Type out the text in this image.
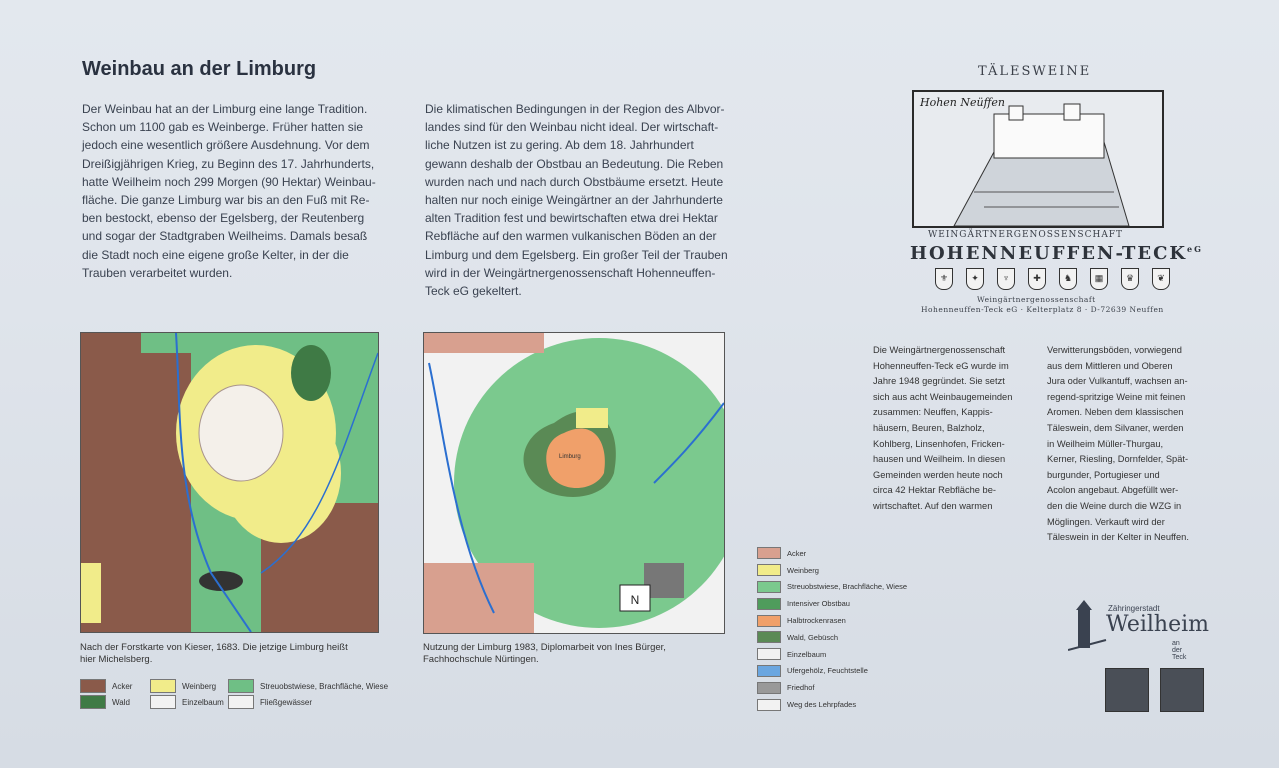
Weinbau an der Limburg
Der Weinbau hat an der Limburg eine lange Tradition.
Schon um 1100 gab es Weinberge. Früher hatten sie
jedoch eine wesentlich größere Ausdehnung. Vor dem
Dreißigjährigen Krieg, zu Beginn des 17. Jahrhunderts,
hatte Weilheim noch 299 Morgen (90 Hektar) Weinbau-
fläche. Die ganze Limburg war bis an den Fuß mit Re-
ben bestockt, ebenso der Egelsberg, der Reutenberg
und sogar der Stadtgraben Weilheims. Damals besaß
die Stadt noch eine eigene große Kelter, in der die
Trauben verarbeitet wurden.
Die klimatischen Bedingungen in der Region des Albvor-
landes sind für den Weinbau nicht ideal. Der wirtschaft-
liche Nutzen ist zu gering. Ab dem 18. Jahrhundert
gewann deshalb der Obstbau an Bedeutung. Die Reben
wurden nach und nach durch Obstbäume ersetzt. Heute
halten nur noch einige Weingärtner an der Jahrhunderte
alten Tradition fest und bewirtschaften etwa drei Hektar
Rebfläche auf den warmen vulkanischen Böden an der
Limburg und dem Egelsberg. Ein großer Teil der Trauben
wird in der Weingärtnergenossenschaft Hohenneuffen-
Teck eG gekeltert.
Nach der Forstkarte von Kieser, 1683. Die jetzige Limburg heißt
hier Michelsberg.
Acker	Weinberg	Streuobstwiese, Brachfläche, Wiese
Wald	Einzelbaum	Fließgewässer
N
Limburg
Nutzung der Limburg 1983, Diplomarbeit von Ines Bürger,
Fachhochschule Nürtingen.
Acker
Weinberg
Streuobstwiese, Brachfläche, Wiese
Intensiver Obstbau
Halbtrockenrasen
Wald, Gebüsch
Einzelbaum
Ufergehölz, Feuchtstelle
Friedhof
Weg des Lehrpfades
TÄLESWEINE
Hohen Neüffen
WEINGÄRTNERGENOSSENSCHAFT
HOHENNEUFFEN-$TECK^{eG}$
⚜	✦	♆	✚	♞	▦	♛	❦
Weingärtnergenossenschaft
Hohenneuffen-Teck eG · Kelterplatz 8 · D-72639 Neuffen
Die Weingärtnergenossenschaft
Hohenneuffen-Teck eG wurde im
Jahre 1948 gegründet. Sie setzt
sich aus acht Weinbaugemeinden
zusammen: Neuffen, Kappis-
häusern, Beuren, Balzholz,
Kohlberg, Linsenhofen, Fricken-
hausen und Weilheim. In diesen
Gemeinden werden heute noch
circa 42 Hektar Rebfläche be-
wirtschaftet. Auf den warmen
Verwitterungsböden, vorwiegend
aus dem Mittleren und Oberen
Jura oder Vulkantuff, wachsen an-
regend-spritzige Weine mit feinen
Aromen. Neben dem klassischen
Täleswein, dem Silvaner, werden
in Weilheim Müller-Thurgau,
Kerner, Riesling, Dornfelder, Spät-
burgunder, Portugieser und
Acolon angebaut. Abgefüllt wer-
den die Weine durch die WZG in
Möglingen. Verkauft wird der
Täleswein in der Kelter in Neuffen.
Zähringerstadt
Weilheim
an der Teck
